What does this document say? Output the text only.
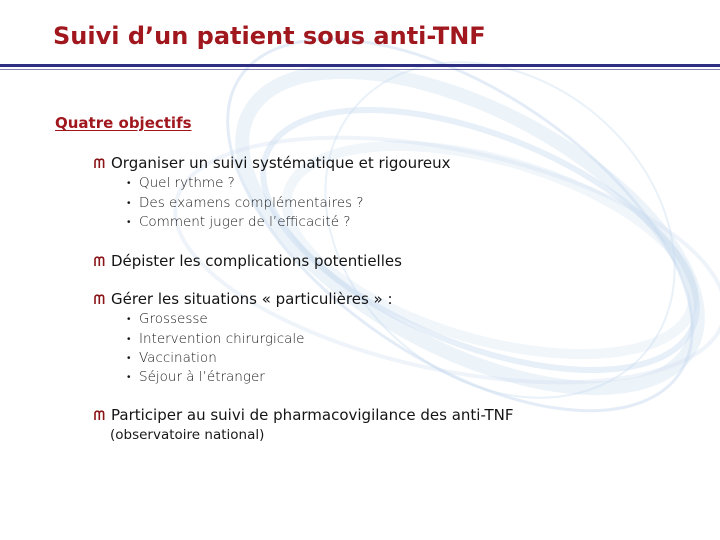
Suivi d’un patient sous anti-TNF
Quatre objectifs
Organiser un suivi systématique et rigoureux
• Quel rythme ?
• Des examens complémentaires ?
• Comment juger de l’efficacité ?
Dépister les complications potentielles
Gérer les situations « particulières » :
• Grossesse
• Intervention chirurgicale
• Vaccination
• Séjour à l’étranger
Participer au suivi de pharmacovigilance des anti-TNF
(observatoire national)
